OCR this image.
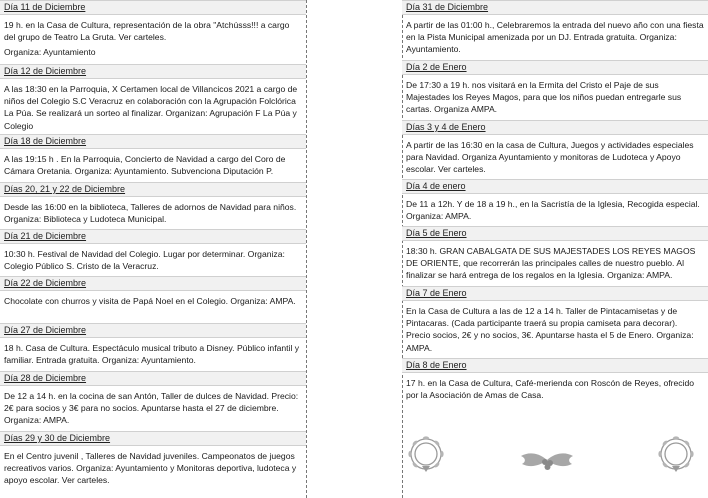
Día 11 de Diciembre

19 h. en la Casa de Cultura, representación de la obra "Atchússs!!! a cargo del grupo de Teatro La Gruta. Ver carteles.

Organiza: Ayuntamiento

Día 12 de Diciembre

A las 18:30 en la Parroquia, X Certamen local de Villancicos 2021 a cargo de niños del Colegio S.C Veracruz en colaboración con la Agrupación Folclórica La Púa. Se realizará un sorteo al finalizar. Organizan: Agrupación F La Púa y Colegio

Día 18 de Diciembre

A las 19:15 h . En la Parroquia, Concierto de Navidad a cargo del Coro de Cámara Oretania. Organiza: Ayuntamiento. Subvenciona Diputación P.

Días 20, 21 y 22 de Diciembre

Desde las 16:00 en la biblioteca, Talleres de adornos de Navidad para niños. Organiza: Biblioteca y Ludoteca Municipal.

Día 21 de Diciembre

10:30 h. Festival de Navidad del Colegio. Lugar por determinar. Organiza: Colegio Público S. Cristo de la Veracruz.

Día 22 de Diciembre

Chocolate con churros y visita de Papá Noel en el Colegio. Organiza: AMPA.

Día 27 de Diciembre

18 h. Casa de Cultura. Espectáculo musical tributo a Disney. Público infantil y familiar. Entrada gratuita. Organiza: Ayuntamiento.

Día 28 de Diciembre

De 12 a 14 h. en la cocina de san Antón, Taller de dulces de Navidad. Precio: 2€ para socios y 3€ para no socios. Apuntarse hasta el 27 de diciembre. Organiza: AMPA.

Días 29 y 30 de Diciembre

En el Centro juvenil , Talleres de Navidad juveniles. Campeonatos de juegos recreativos varios. Organiza: Ayuntamiento y Monitoras deportiva, ludoteca y apoyo escolar. Ver carteles.

Día 31 de Diciembre

A partir de las 01:00 h., Celebraremos la entrada del nuevo año con una fiesta en la Pista Municipal amenizada por un DJ. Entrada gratuita. Organiza: Ayuntamiento.

Día 2 de Enero

De 17:30 a 19 h. nos visitará en la Ermita del Cristo el Paje de sus Majestades los Reyes Magos, para que los niños puedan entregarle sus cartas. Organiza AMPA.

Días 3 y 4 de Enero

A partir de las 16:30 en la casa de Cultura, Juegos y actividades especiales para Navidad. Organiza Ayuntamiento y monitoras de Ludoteca y Apoyo escolar. Ver carteles.

Día 4 de enero

De 11 a 12h. Y de 18 a 19 h., en la Sacristía de la Iglesia, Recogida especial. Organiza: AMPA.

Día 5 de Enero

18:30 h. GRAN CABALGATA DE SUS MAJESTADES LOS REYES MAGOS DE ORIENTE, que recorrerán las principales calles de nuestro pueblo. Al finalizar se hará entrega de los regalos en la Iglesia. Organiza: AMPA.

Día 7 de Enero

En la Casa de Cultura a las de 12 a 14 h. Taller de Pintacamisetas y de Pintacaras. (Cada participante traerá su propia camiseta para decorar). Precio socios, 2€ y no socios, 3€. Apuntarse hasta el 5 de Enero. Organiza: AMPA.

Día 8 de Enero

17 h. en la Casa de Cultura, Café-merienda con Roscón de Reyes, ofrecido por la Asociación de Amas de Casa.
